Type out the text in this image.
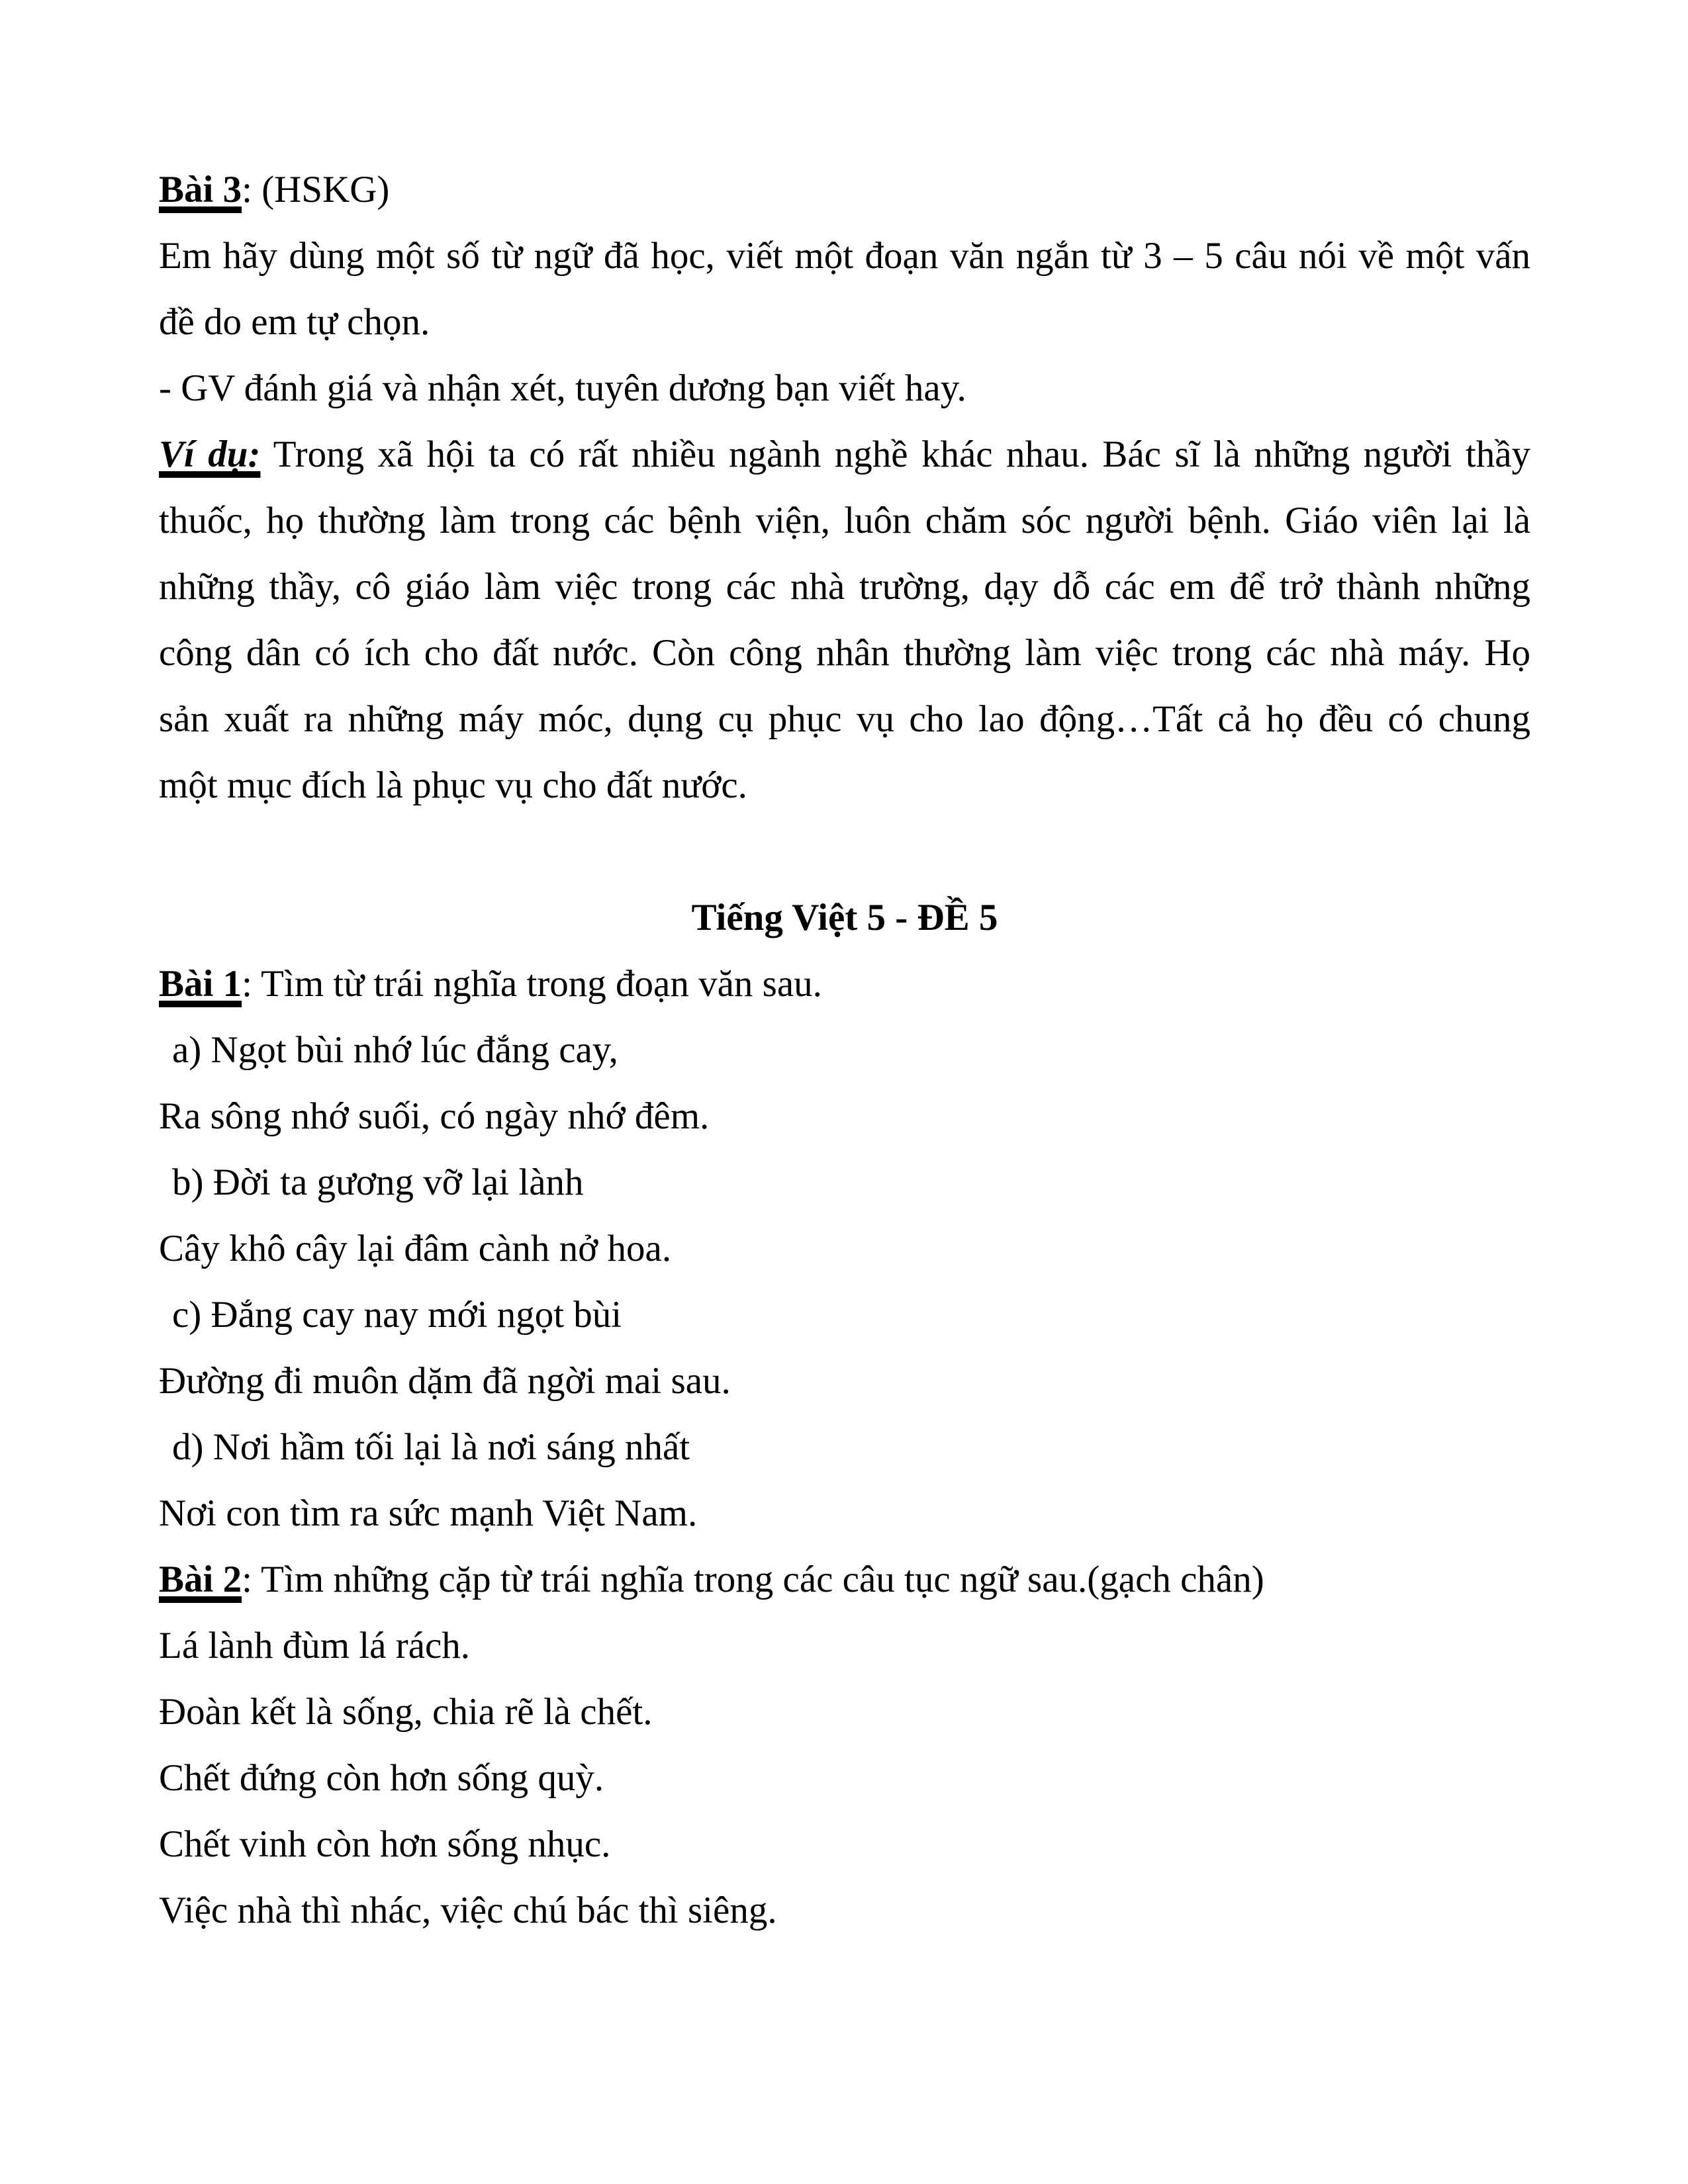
Bài 3: (HSKG)
Em hãy dùng một số từ ngữ đã học, viết một đoạn văn ngắn từ 3 – 5 câu nói về một vấn
đề do em tự chọn.
- GV đánh giá và nhận xét, tuyên dương bạn viết hay.
Ví dụ: Trong xã hội ta có rất nhiều ngành nghề khác nhau. Bác sĩ là những người thầy
thuốc, họ thường làm trong các bệnh viện, luôn chăm sóc người bệnh. Giáo viên lại là
những thầy, cô giáo làm việc trong các nhà trường, dạy dỗ các em để trở thành những
công dân có ích cho đất nước. Còn công nhân thường làm việc trong các nhà máy. Họ
sản xuất ra những máy móc, dụng cụ phục vụ cho lao động…Tất cả họ đều có chung
một mục đích là phục vụ cho đất nước.
Tiếng Việt 5 - ĐỀ 5
Bài 1: Tìm từ trái nghĩa trong đoạn văn sau.
a) Ngọt bùi nhớ lúc đắng cay,
Ra sông nhớ suối, có ngày nhớ đêm.
b) Đời ta gương vỡ lại lành
Cây khô cây lại đâm cành nở hoa.
c) Đắng cay nay mới ngọt bùi
Đường đi muôn dặm đã ngời mai sau.
d) Nơi hầm tối lại là nơi sáng nhất
Nơi con tìm ra sức mạnh Việt Nam.
Bài 2: Tìm những cặp từ trái nghĩa trong các câu tục ngữ sau.(gạch chân)
Lá lành đùm lá rách.
Đoàn kết là sống, chia rẽ là chết.
Chết đứng còn hơn sống quỳ.
Chết vinh còn hơn sống nhục.
Việc nhà thì nhác, việc chú bác thì siêng.
